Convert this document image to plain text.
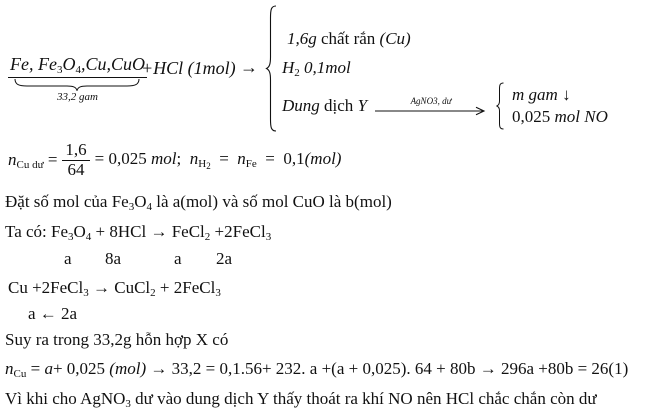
Fe, $Fe_3O_4,Cu,CuO$
33,2 gam
+HCl (1mol) →
1,6g chất rắn (Cu)
$H_2$ 0,1mol
Dung dịch Y	AgNO3, dư	m gam ↓
0,025 mol NO
$n_{Cu dư} = \frac{1,6}{64} = 0,025$ mol;  $n_{H2} = n_{Fe} = 0,1(mol)$
Đặt số mol của $Fe_3O_4$ là a(mol) và số mol CuO là b(mol)
Ta có: $Fe_3O_4 + 8HCl$ → FeCl$_2$ +2FeCl$_3$
a 8a	a 2a
Cu +2FeCl$_3$ → CuCl$_2$ + 2FeCl$_3$
a ← 2a
Suy ra trong 33,2g hỗn hợp X có
$n_{Cu} = a+ 0,025$ (mol) → 33,2 = 0,1.56+ 232. a +(a + 0,025). 64 + 80b → 296a +80b = 26(1)
Vì khi cho AgNO$_3$ dư vào dung dịch Y thấy thoát ra khí NO nên HCl chắc chắn còn dư
